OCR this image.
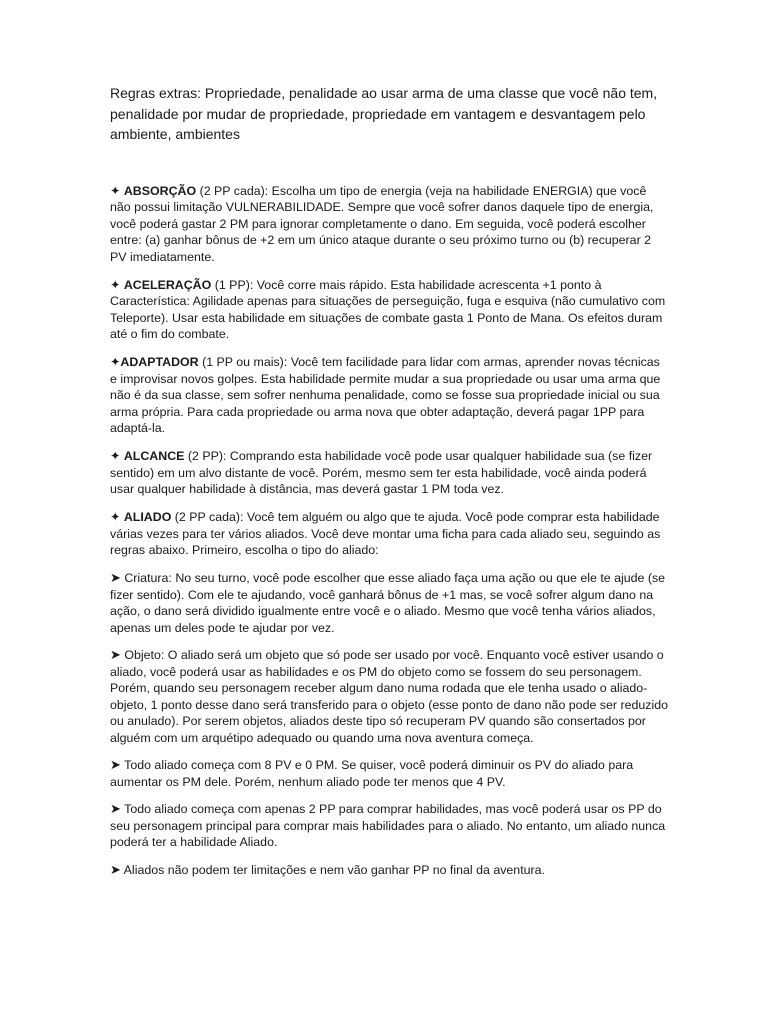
Regras extras: Propriedade, penalidade ao usar arma de uma classe que você não tem, penalidade por mudar de propriedade, propriedade em vantagem e desvantagem pelo ambiente, ambientes

✦ ABSORÇÃO (2 PP cada): Escolha um tipo de energia (veja na habilidade ENERGIA) que você não possui limitação VULNERABILIDADE. Sempre que você sofrer danos daquele tipo de energia, você poderá gastar 2 PM para ignorar completamente o dano. Em seguida, você poderá escolher entre: (a) ganhar bônus de +2 em um único ataque durante o seu próximo turno ou (b) recuperar 2 PV imediatamente.

✦ ACELERAÇÃO (1 PP): Você corre mais rápido. Esta habilidade acrescenta +1 ponto à Característica: Agilidade apenas para situações de perseguição, fuga e esquiva (não cumulativo com Teleporte). Usar esta habilidade em situações de combate gasta 1 Ponto de Mana. Os efeitos duram até o fim do combate.

✦ADAPTADOR (1 PP ou mais): Você tem facilidade para lidar com armas, aprender novas técnicas e improvisar novos golpes. Esta habilidade permite mudar a sua propriedade ou usar uma arma que não é da sua classe, sem sofrer nenhuma penalidade, como se fosse sua propriedade inicial ou sua arma própria. Para cada propriedade ou arma nova que obter adaptação, deverá pagar 1PP para adaptá-la.

✦ ALCANCE (2 PP): Comprando esta habilidade você pode usar qualquer habilidade sua (se fizer sentido) em um alvo distante de você. Porém, mesmo sem ter esta habilidade, você ainda poderá usar qualquer habilidade à distância, mas deverá gastar 1 PM toda vez.

✦ ALIADO (2 PP cada): Você tem alguém ou algo que te ajuda. Você pode comprar esta habilidade várias vezes para ter vários aliados. Você deve montar uma ficha para cada aliado seu, seguindo as regras abaixo. Primeiro, escolha o tipo do aliado:

➤ Criatura: No seu turno, você pode escolher que esse aliado faça uma ação ou que ele te ajude (se fizer sentido). Com ele te ajudando, você ganhará bônus de +1 mas, se você sofrer algum dano na ação, o dano será dividido igualmente entre você e o aliado. Mesmo que você tenha vários aliados, apenas um deles pode te ajudar por vez.

➤ Objeto: O aliado será um objeto que só pode ser usado por você. Enquanto você estiver usando o aliado, você poderá usar as habilidades e os PM do objeto como se fossem do seu personagem. Porém, quando seu personagem receber algum dano numa rodada que ele tenha usado o aliado-objeto, 1 ponto desse dano será transferido para o objeto (esse ponto de dano não pode ser reduzido ou anulado). Por serem objetos, aliados deste tipo só recuperam PV quando são consertados por alguém com um arquétipo adequado ou quando uma nova aventura começa.

➤ Todo aliado começa com 8 PV e 0 PM. Se quiser, você poderá diminuir os PV do aliado para aumentar os PM dele. Porém, nenhum aliado pode ter menos que 4 PV.

➤ Todo aliado começa com apenas 2 PP para comprar habilidades, mas você poderá usar os PP do seu personagem principal para comprar mais habilidades para o aliado. No entanto, um aliado nunca poderá ter a habilidade Aliado.

➤ Aliados não podem ter limitações e nem vão ganhar PP no final da aventura.
